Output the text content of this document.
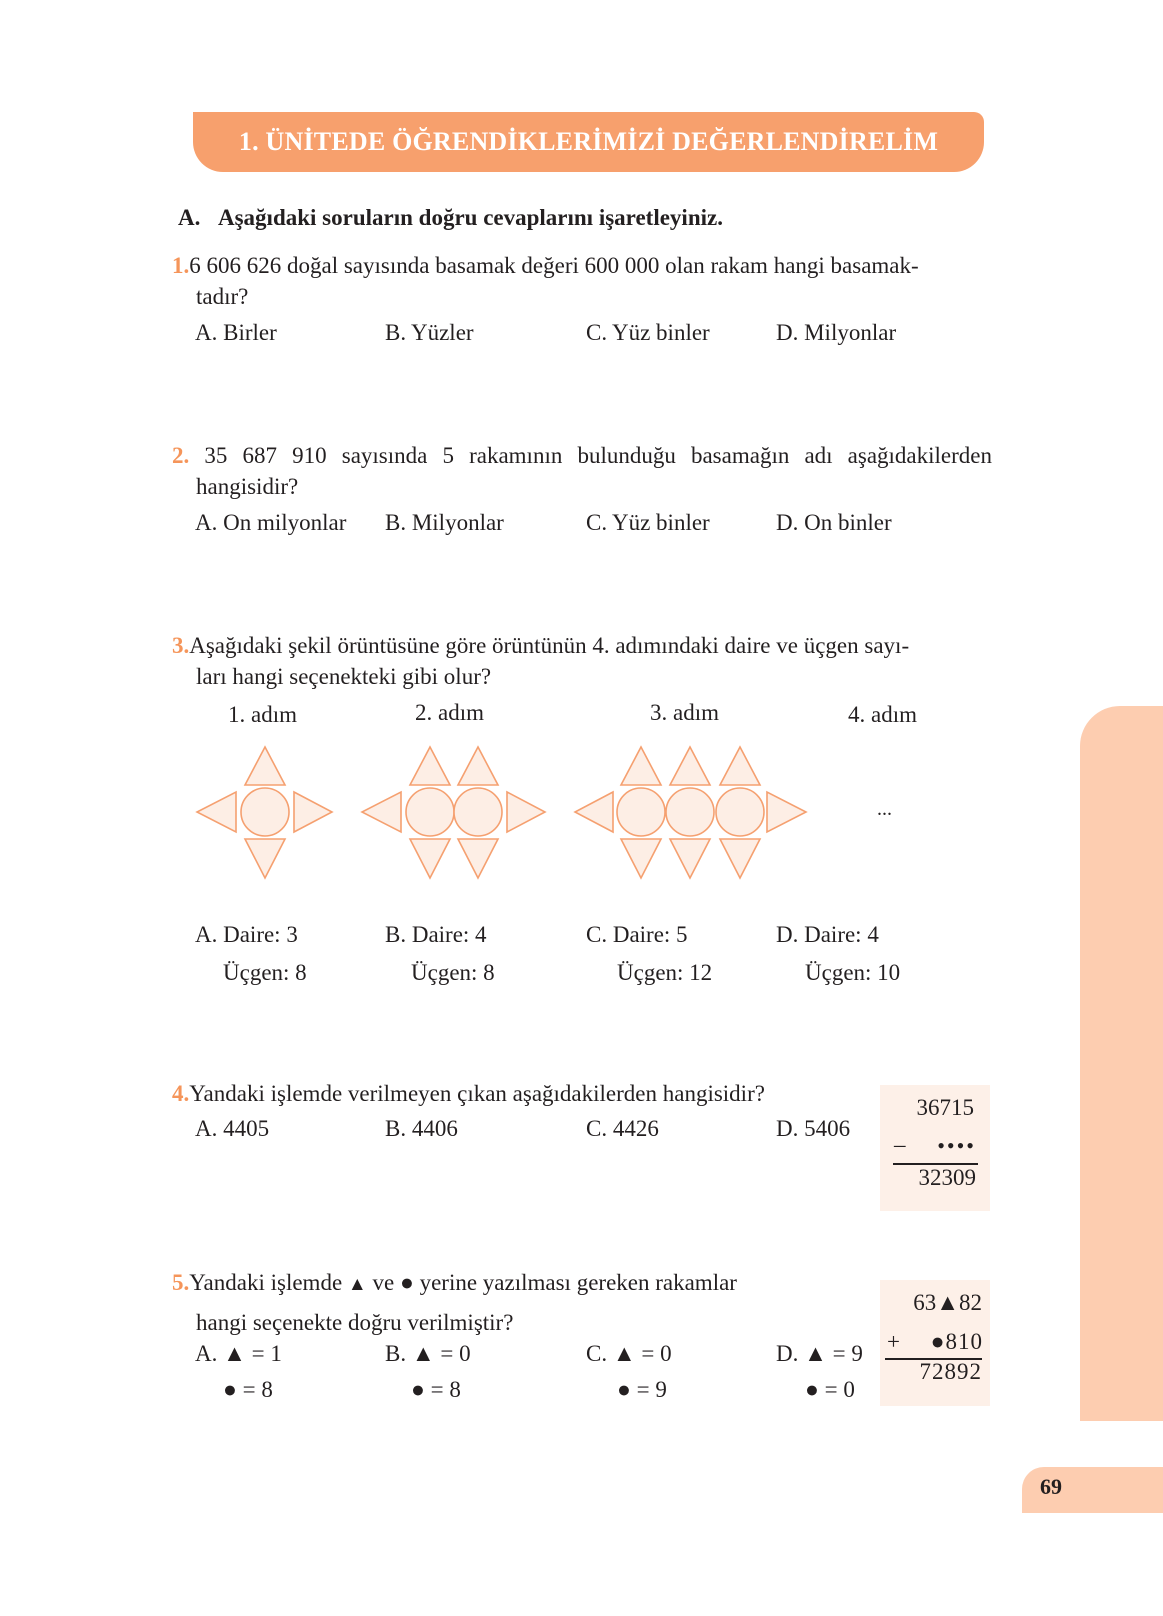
1. ÜNİTEDE ÖĞRENDİKLERİMİZİ DEĞERLENDİRELİM
A. Aşağıdaki soruların doğru cevaplarını işaretleyiniz.
1.6 606 626 doğal sayısında basamak değeri 600 000 olan rakam hangi basamak-
tadır?
A. Birler	B. Yüzler	C. Yüz binler	D. Milyonlar
2. 35 687 910 sayısında 5 rakamının bulunduğu basamağın adı aşağıdakilerden
hangisidir?
A. On milyonlar B. Milyonlar	C. Yüz binler	D. On binler
3.Aşağıdaki şekil örüntüsüne göre örüntünün 4. adımındaki daire ve üçgen sayı-
ları hangi seçenekteki gibi olur?
1. adım	2. adım	3. adım	4. adım
...
A. Daire: 3
Üçgen: 8
B. Daire: 4
Üçgen: 8
C. Daire: 5
Üçgen: 12
D. Daire: 4
Üçgen: 10
4.Yandaki işlemde verilmeyen çıkan aşağıdakilerden hangisidir?
A. 4405	B. 4406	C. 4426	D. 5406
36715
– ••••
32309
5.Yandaki işlemde ▲ ve ● yerine yazılması gereken rakamlar
hangi seçenekte doğru verilmiştir?
A. ▲ = 1
● = 8
B. ▲ = 0
● = 8
C. ▲ = 0
● = 9
D. ▲ = 9
● = 0
63▲82
+ ●810
72892
69
